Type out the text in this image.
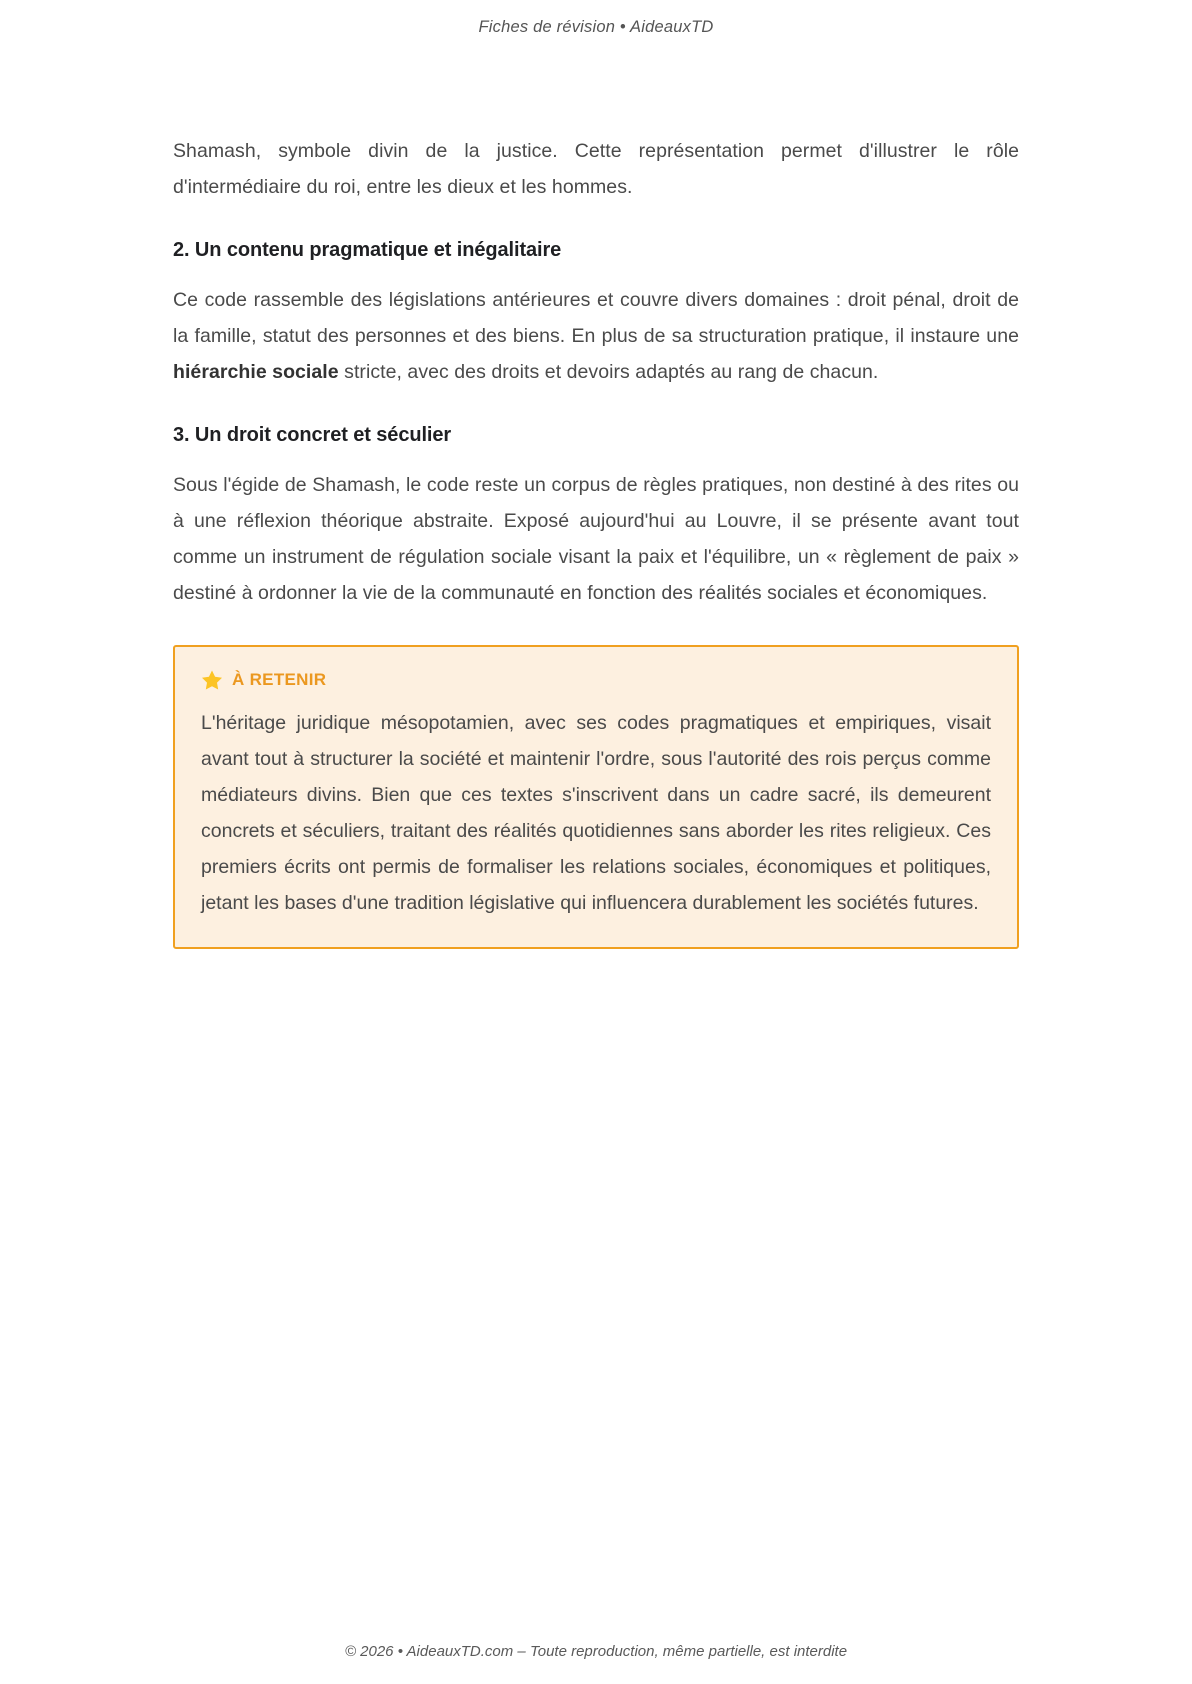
Fiches de révision • AideauxTD

Shamash, symbole divin de la justice. Cette représentation permet d'illustrer le rôle d'intermédiaire du roi, entre les dieux et les hommes.

2. Un contenu pragmatique et inégalitaire

Ce code rassemble des législations antérieures et couvre divers domaines : droit pénal, droit de la famille, statut des personnes et des biens. En plus de sa structuration pratique, il instaure une hiérarchie sociale stricte, avec des droits et devoirs adaptés au rang de chacun.

3. Un droit concret et séculier

Sous l'égide de Shamash, le code reste un corpus de règles pratiques, non destiné à des rites ou à une réflexion théorique abstraite. Exposé aujourd'hui au Louvre, il se présente avant tout comme un instrument de régulation sociale visant la paix et l'équilibre, un « règlement de paix » destiné à ordonner la vie de la communauté en fonction des réalités sociales et économiques.

À RETENIR

L'héritage juridique mésopotamien, avec ses codes pragmatiques et empiriques, visait avant tout à structurer la société et maintenir l'ordre, sous l'autorité des rois perçus comme médiateurs divins. Bien que ces textes s'inscrivent dans un cadre sacré, ils demeurent concrets et séculiers, traitant des réalités quotidiennes sans aborder les rites religieux. Ces premiers écrits ont permis de formaliser les relations sociales, économiques et politiques, jetant les bases d'une tradition législative qui influencera durablement les sociétés futures.

© 2026 • AideauxTD.com – Toute reproduction, même partielle, est interdite
